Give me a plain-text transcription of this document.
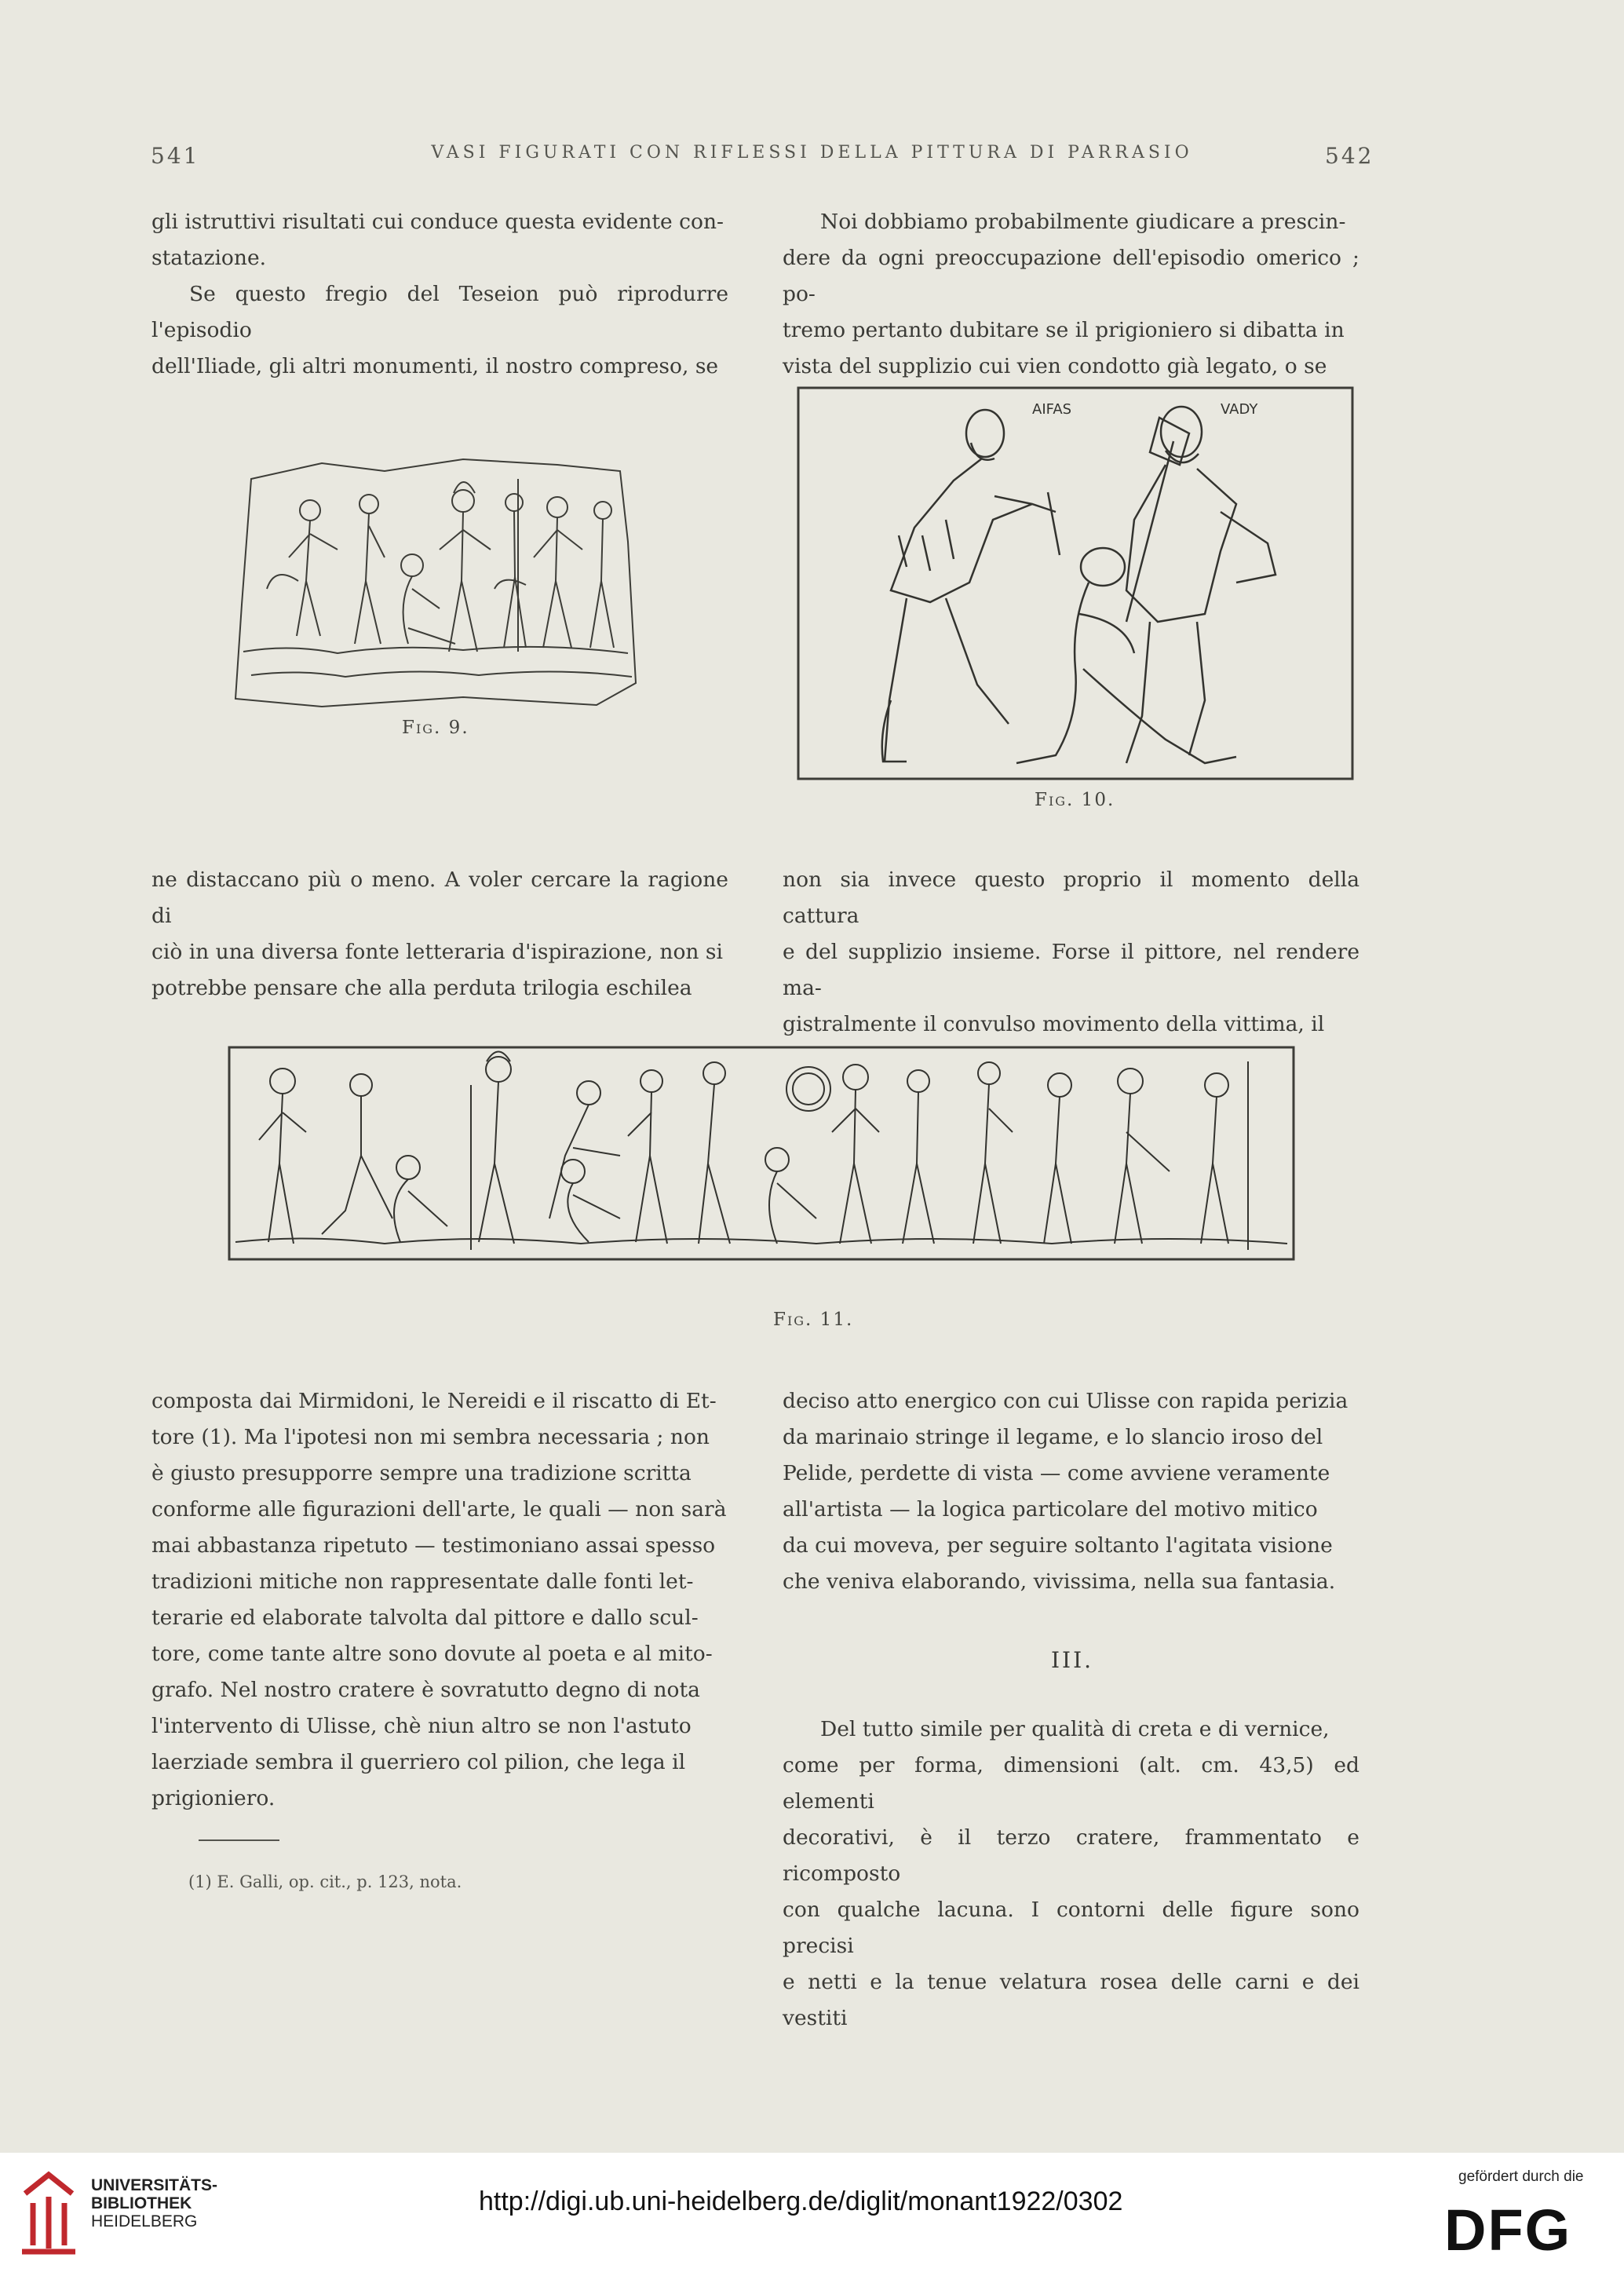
541	VASI FIGURATI CON RIFLESSI DELLA PITTURA DI PARRASIO	542

gli istruttivi risultati cui conduce questa evidente con-

statazione.

Se questo fregio del Teseion può riprodurre l'episodio

dell'Iliade, gli altri monumenti, il nostro compreso, se

Noi dobbiamo probabilmente giudicare a prescin-

dere da ogni preoccupazione dell'episodio omerico ; po-

tremo pertanto dubitare se il prigioniero si dibatta in

vista del supplizio cui vien condotto già legato, o se

Fig. 9.
AIFAS	VADY
Fig. 10.

ne distaccano più o meno. A voler cercare la ragione di

ciò in una diversa fonte letteraria d'ispirazione, non si

potrebbe pensare che alla perduta trilogia eschilea

non sia invece questo proprio il momento della cattura

e del supplizio insieme. Forse il pittore, nel rendere ma-

gistralmente il convulso movimento della vittima, il

Fig. 11.

composta dai Mirmidoni, le Nereidi e il riscatto di Et-

tore (1). Ma l'ipotesi non mi sembra necessaria ; non

è giusto presupporre sempre una tradizione scritta

conforme alle figurazioni dell'arte, le quali — non sarà

mai abbastanza ripetuto — testimoniano assai spesso

tradizioni mitiche non rappresentate dalle fonti let-

terarie ed elaborate talvolta dal pittore e dallo scul-

tore, come tante altre sono dovute al poeta e al mito-

grafo. Nel nostro cratere è sovratutto degno di nota

l'intervento di Ulisse, chè niun altro se non l'astuto

laerziade sembra il guerriero col pilion, che lega il

prigioniero.

(1) E. Galli, op. cit., p. 123, nota.

deciso atto energico con cui Ulisse con rapida perizia

da marinaio stringe il legame, e lo slancio iroso del

Pelide, perdette di vista — come avviene veramente

all'artista — la logica particolare del motivo mitico

da cui moveva, per seguire soltanto l'agitata visione

che veniva elaborando, vivissima, nella sua fantasia.

III.

Del tutto simile per qualità di creta e di vernice,

come per forma, dimensioni (alt. cm. 43,5) ed elementi

decorativi, è il terzo cratere, frammentato e ricomposto

con qualche lacuna. I contorni delle figure sono precisi

e netti e la tenue velatura rosea delle carni e dei vestiti

UNIVERSITÄTS-
BIBLIOTHEK
HEIDELBERG
http://digi.ub.uni-heidelberg.de/diglit/monant1922/0302
gefördert durch die
DFG
